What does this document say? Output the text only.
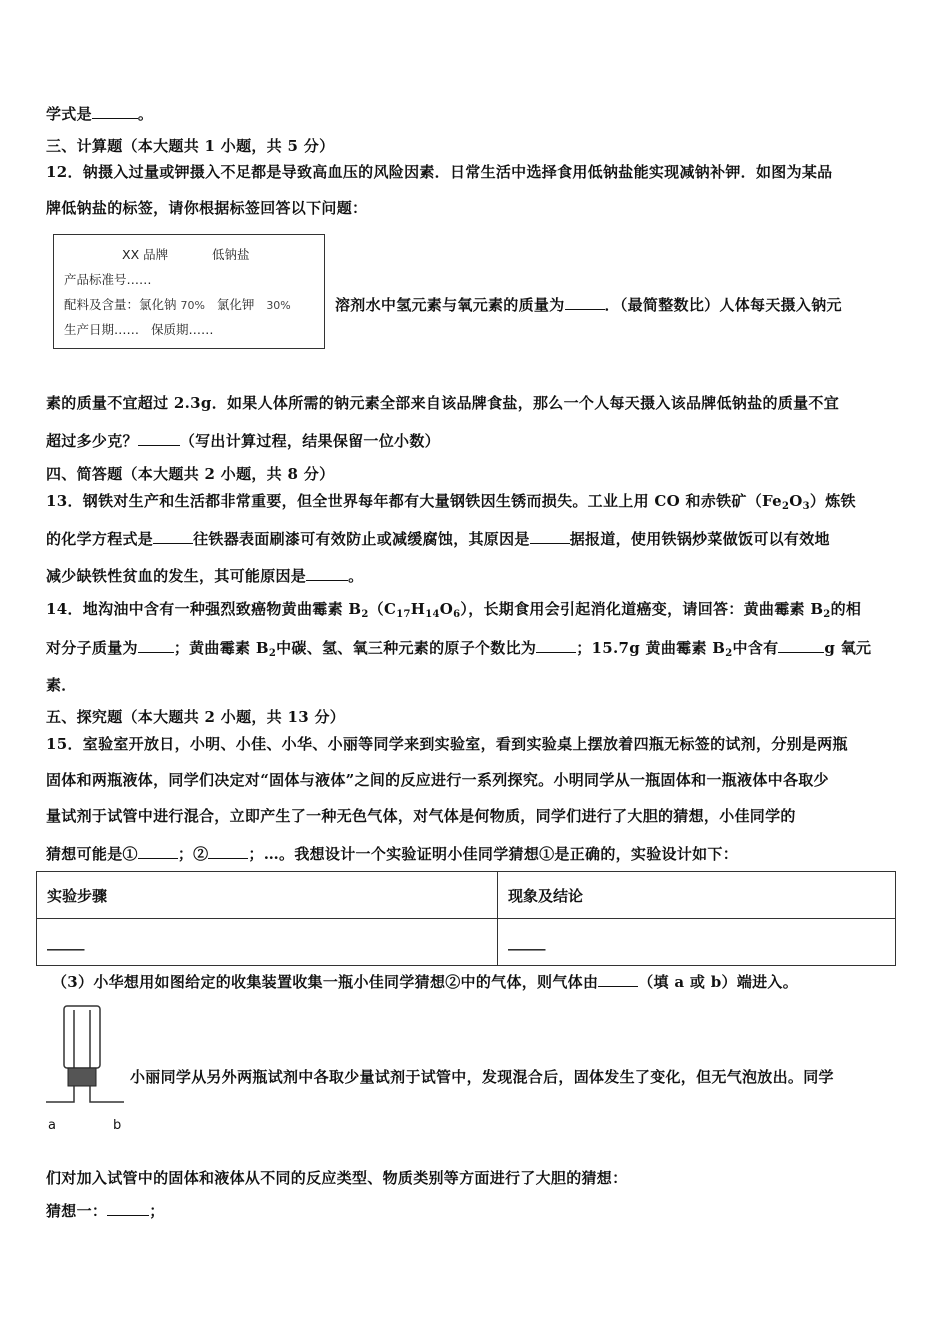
学式是	。
三、计算题（本大题共 1 小题，共 5 分）
12．钠摄入过量或钾摄入不足都是导致高血压的风险因素．日常生活中选择食用低钠盐能实现减钠补钾．如图为某品
牌低钠盐的标签，请你根据标签回答以下问题：
XX 品牌	低钠盐
产品标准号……
配料及含量：氯化钠 70% 氯化钾 30%
生产日期…… 保质期……
溶剂水中氢元素与氧元素的质量为	．（最简整数比）人体每天摄入钠元
素的质量不宜超过 2.3g．如果人体所需的钠元素全部来自该品牌食盐，那么一个人每天摄入该品牌低钠盐的质量不宜
超过多少克？	（写出计算过程，结果保留一位小数）
四、简答题（本大题共 2 小题，共 8 分）
13．钢铁对生产和生活都非常重要，但全世界每年都有大量钢铁因生锈而损失。工业上用 CO 和赤铁矿$(Fe_2O_3)$炼铁
的化学方程式是	往铁器表面刷漆可有效防止或减缓腐蚀，其原因是	据报道，使用铁锅炒菜做饭可以有效地
减少缺铁性贫血的发生，其可能原因是	。
14．地沟油中含有一种强烈致癌物黄曲霉素 $B_2(C_{17}H_{14}O_6)$，长期食用会引起消化道癌变，请回答：黄曲霉素 $B_2$的相
对分子质量为 ；黄曲霉素 $B_2$中碳、氢、氧三种元素的原子个数比为	；15.7g 黄曲霉素 $B_2$中含有	g 氧元
素．
五、探究题（本大题共 2 小题，共 13 分）
15．室验室开放日，小明、小佳、小华、小丽等同学来到实验室，看到实验桌上摆放着四瓶无标签的试剂，分别是两瓶
固体和两瓶液体，同学们决定对“固体与液体”之间的反应进行一系列探究。小明同学从一瓶固体和一瓶液体中各取少
量试剂于试管中进行混合，立即产生了一种无色气体，对气体是何物质，同学们进行了大胆的猜想，小佳同学的
猜想可能是①	；②	；…。我想设计一个实验证明小佳同学猜想①是正确的，实验设计如下：
实验步骤	现象及结论
_____	_____
（3）小华想用如图给定的收集装置收集一瓶小佳同学猜想②中的气体，则气体由	（填 a 或 b）端进入。
a	b
小丽同学从另外两瓶试剂中各取少量试剂于试管中，发现混合后，固体发生了变化，但无气泡放出。同学
们对加入试管中的固体和液体从不同的反应类型、物质类别等方面进行了大胆的猜想：
猜想一：	；
